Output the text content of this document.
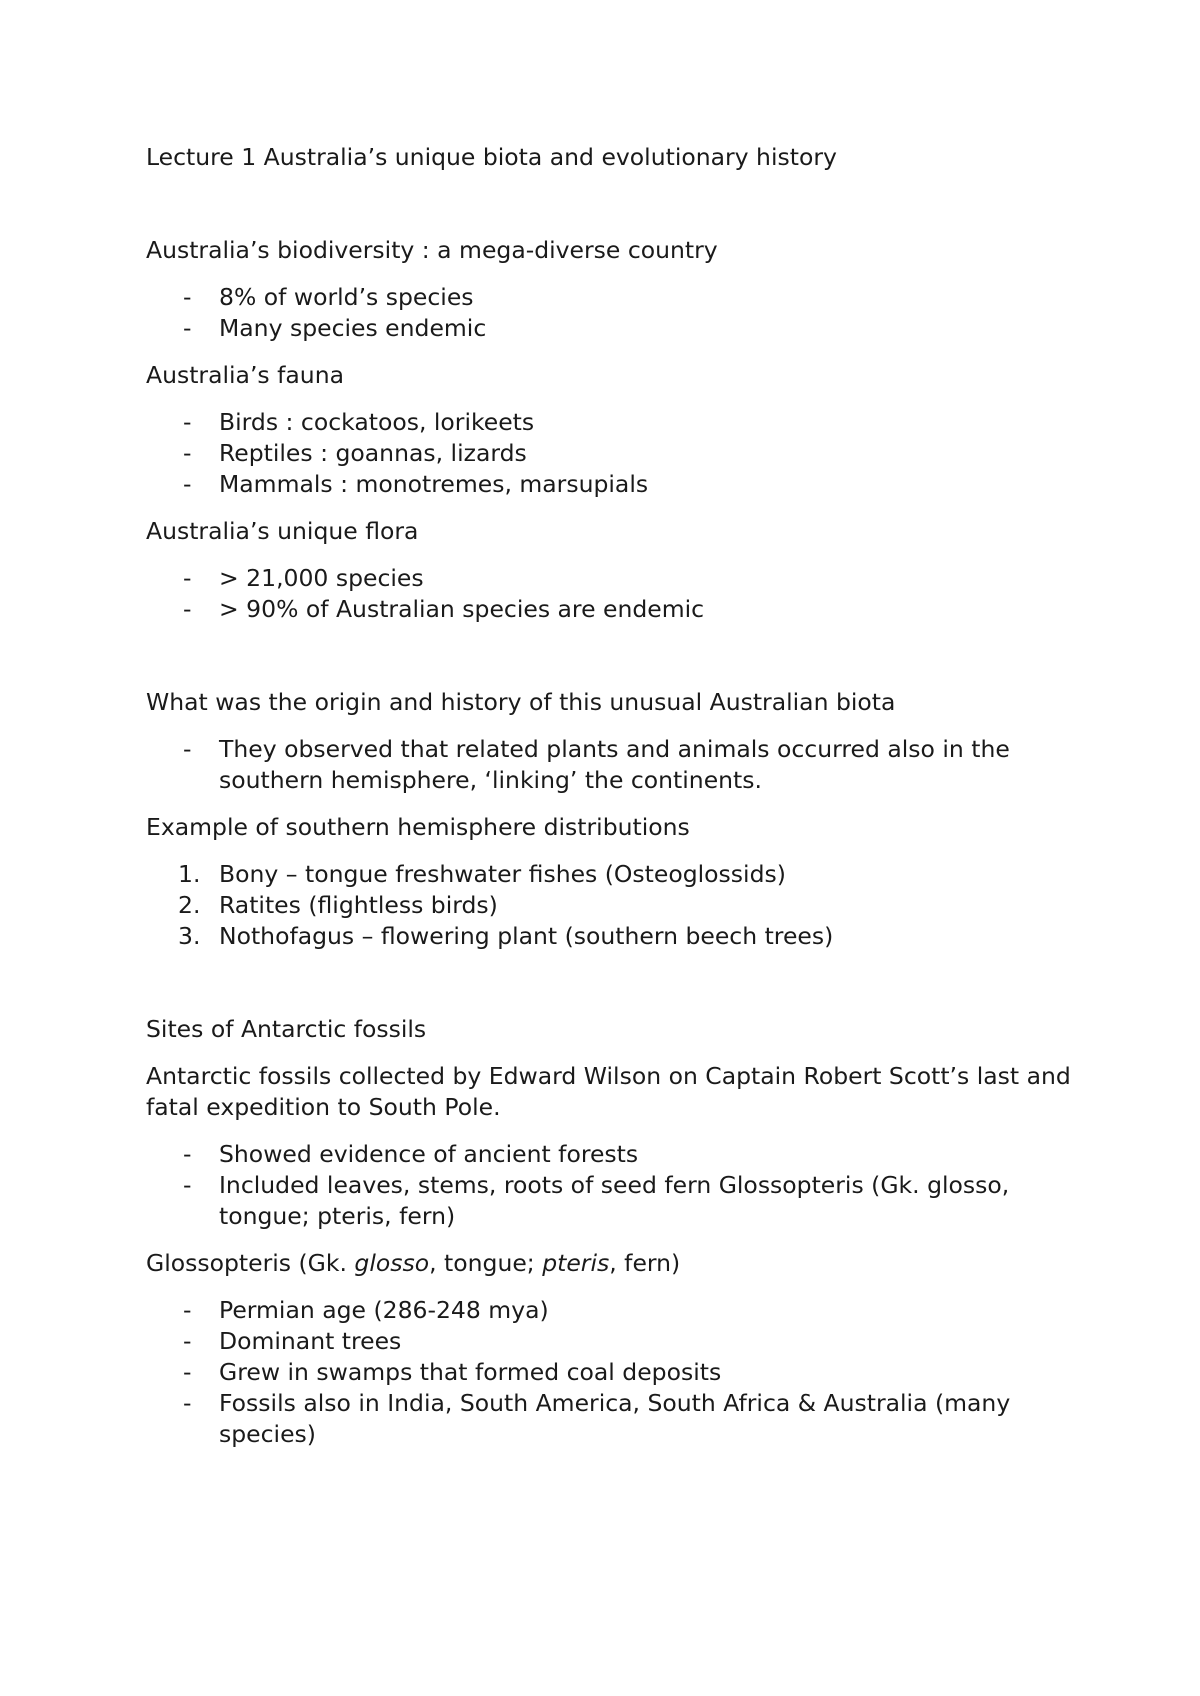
Lecture 1 Australia’s unique biota and evolutionary history

Australia’s biodiversity : a mega-diverse country

- 8% of world’s species
- Many species endemic

Australia’s fauna

- Birds : cockatoos, lorikeets
- Reptiles : goannas, lizards
- Mammals : monotremes, marsupials

Australia’s unique flora

- > 21,000 species
- > 90% of Australian species are endemic

What was the origin and history of this unusual Australian biota

- They observed that related plants and animals occurred also in the southern hemisphere, ‘linking’ the continents.

Example of southern hemisphere distributions

1. Bony – tongue freshwater fishes (Osteoglossids)
2. Ratites (flightless birds)
3. Nothofagus – flowering plant (southern beech trees)

Sites of Antarctic fossils

Antarctic fossils collected by Edward Wilson on Captain Robert Scott’s last and fatal expedition to South Pole.

- Showed evidence of ancient forests
- Included leaves, stems, roots of seed fern Glossopteris (Gk. glosso, tongue; pteris, fern)

Glossopteris (Gk. glosso, tongue; pteris, fern)

- Permian age (286-248 mya)
- Dominant trees
- Grew in swamps that formed coal deposits
- Fossils also in India, South America, South Africa & Australia (many species)
